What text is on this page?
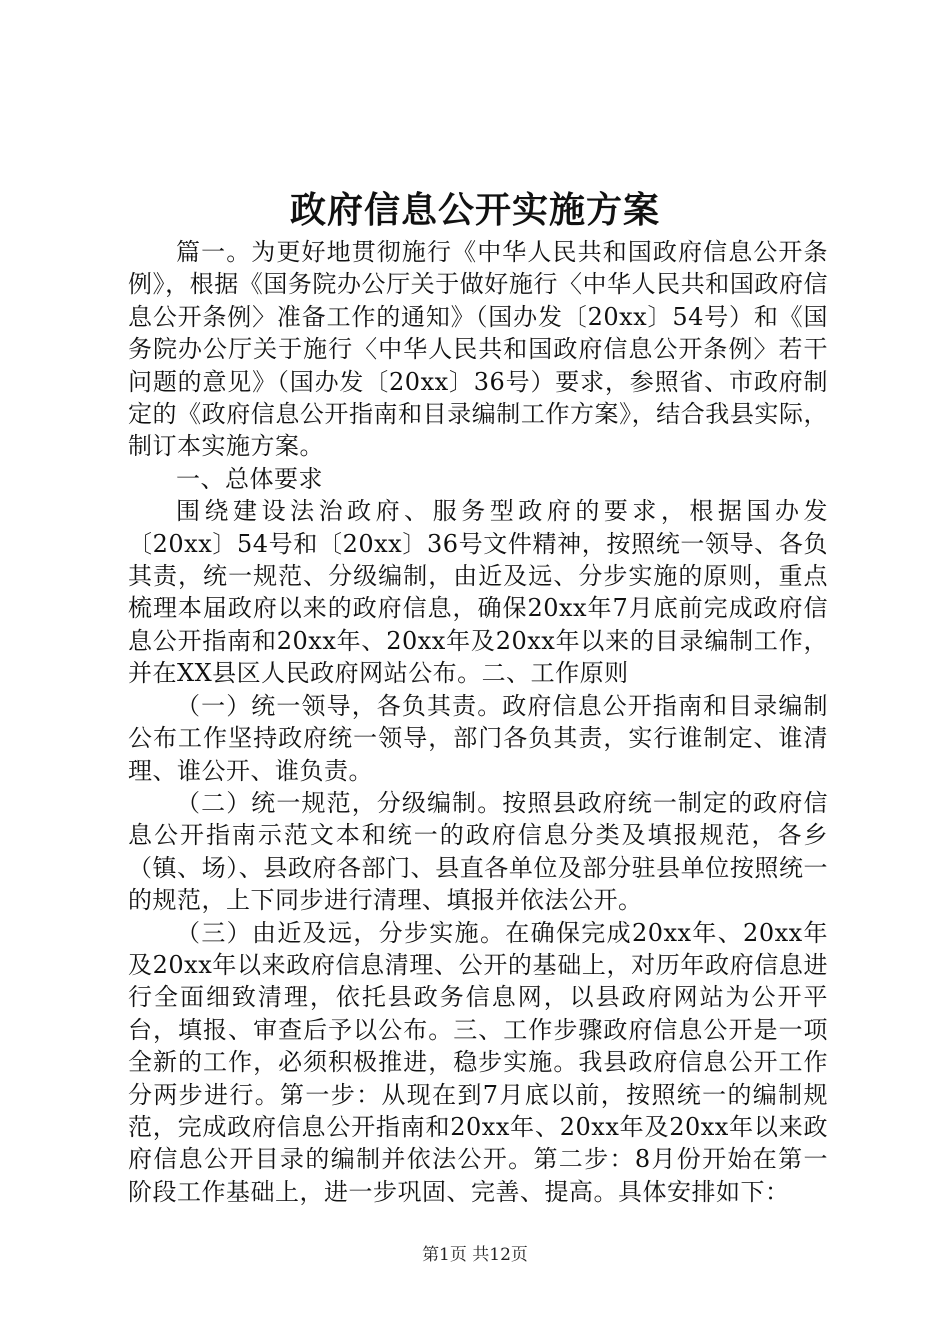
政府信息公开实施方案

篇一。为更好地贯彻施行《中华人民共和国政府信息公开条例》，根据《国务院办公厅关于做好施行〈中华人民共和国政府信息公开条例〉准备工作的通知》（国办发〔20xx〕54号）和《国务院办公厅关于施行〈中华人民共和国政府信息公开条例〉若干问题的意见》（国办发〔20xx〕36号）要求，参照省、市政府制定的《政府信息公开指南和目录编制工作方案》，结合我县实际，制订本实施方案。

一、总体要求

围绕建设法治政府、服务型政府的要求，根据国办发〔20xx〕54号和〔20xx〕36号文件精神，按照统一领导、各负其责，统一规范、分级编制，由近及远、分步实施的原则，重点梳理本届政府以来的政府信息，确保20xx年7月底前完成政府信息公开指南和20xx年、20xx年及20xx年以来的目录编制工作，并在XX县区人民政府网站公布。二、工作原则

（一）统一领导，各负其责。政府信息公开指南和目录编制公布工作坚持政府统一领导，部门各负其责，实行谁制定、谁清理、谁公开、谁负责。

（二）统一规范，分级编制。按照县政府统一制定的政府信息公开指南示范文本和统一的政府信息分类及填报规范，各乡（镇、场）、县政府各部门、县直各单位及部分驻县单位按照统一的规范，上下同步进行清理、填报并依法公开。

（三）由近及远，分步实施。在确保完成20xx年、20xx年及20xx年以来政府信息清理、公开的基础上，对历年政府信息进行全面细致清理，依托县政务信息网，以县政府网站为公开平台，填报、审查后予以公布。三、工作步骤政府信息公开是一项全新的工作，必须积极推进，稳步实施。我县政府信息公开工作分两步进行。第一步：从现在到7月底以前，按照统一的编制规范，完成政府信息公开指南和20xx年、20xx年及20xx年以来政府信息公开目录的编制并依法公开。第二步：8月份开始在第一阶段工作基础上，进一步巩固、完善、提高。具体安排如下：

第1页 共12页
